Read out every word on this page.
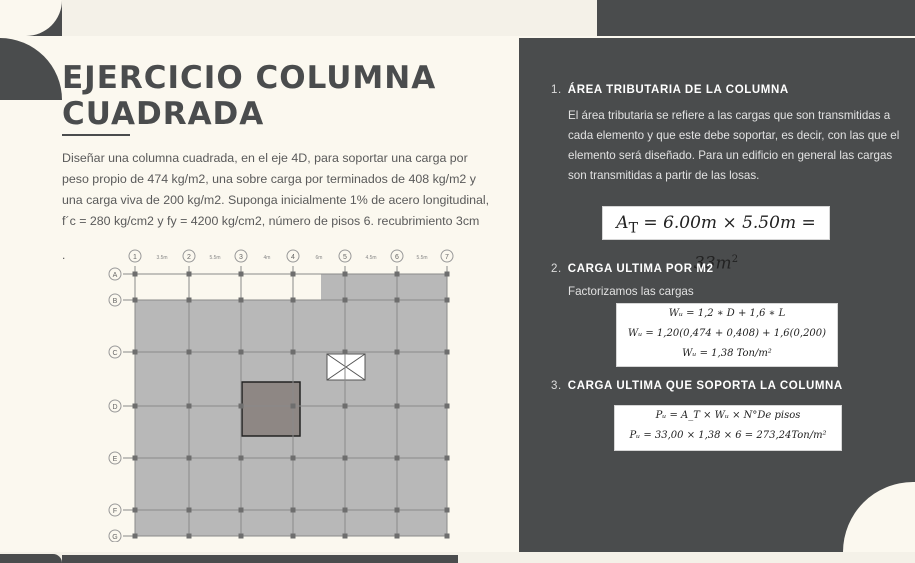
EJERCICIO COLUMNA
CUADRADA

Diseñar una columna cuadrada, en el eje 4D, para soportar una carga por peso propio de 474 kg/m2, una sobre carga por terminados de 408 kg/m2 y una carga viva de 200 kg/m2. Suponga inicialmente 1% de acero longitudinal, f´c = 280 kg/cm2 y fy = 4200 kg/cm2, número de pisos 6. recubrimiento 3cm

.	1	2	3	4	5	6	7
3.5m	5.5m	4m	6m	4.5m	5.5m
A
B
C
D
E
F
G
1. ÁREA TRIBUTARIA DE LA COLUMNA

El área tributaria se refiere a las cargas que son transmitidas a cada elemento y que este debe soportar, es decir, con las que el elemento será diseñado. Para un edificio en general las cargas son transmitidas a partir de las losas.

$A_T = 6.00m \times 5.50m = 33m^2$
2. CARGA ULTIMA POR M2

Factorizamos las cargas

Wᵤ = 1,2 ∗ D + 1,6 ∗ L
Wᵤ = 1,20(0,474 + 0,408) + 1,6(0,200)
Wᵤ = 1,38 Ton/m²
3. CARGA ULTIMA QUE SOPORTA LA COLUMNA
Pᵤ = A_T × Wᵤ × N°De pisos
Pᵤ = 33,00 × 1,38 × 6 = 273,24Ton/m²
